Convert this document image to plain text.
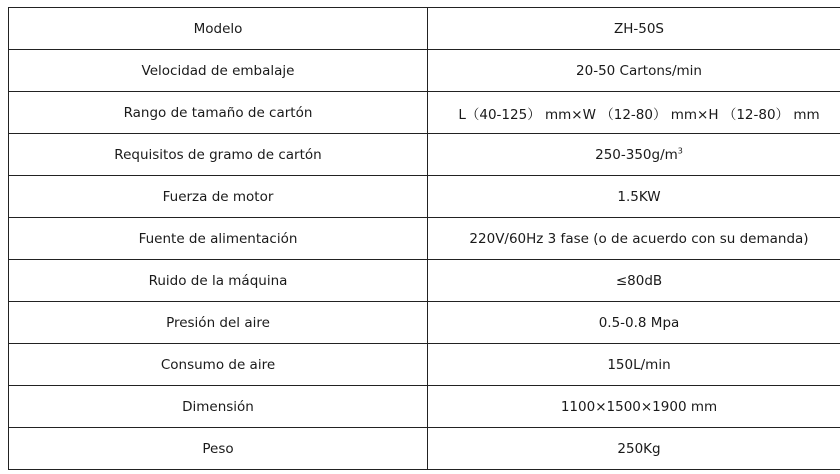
Modelo	ZH-50S
Velocidad de embalaje	20-50 Cartons/min
Rango de tamaño de cartón	L（40-125） mm×W （12-80） mm×H （12-80） mm
Requisitos de gramo de cartón	$250-350g/m^3$
Fuerza de motor	1.5KW
Fuente de alimentación	220V/60Hz 3 fase (o de acuerdo con su demanda)
Ruido de la máquina	≤80dB
Presión del aire	0.5-0.8 Mpa
Consumo de aire	150L/min
Dimensión	1100×1500×1900 mm
Peso	250Kg
